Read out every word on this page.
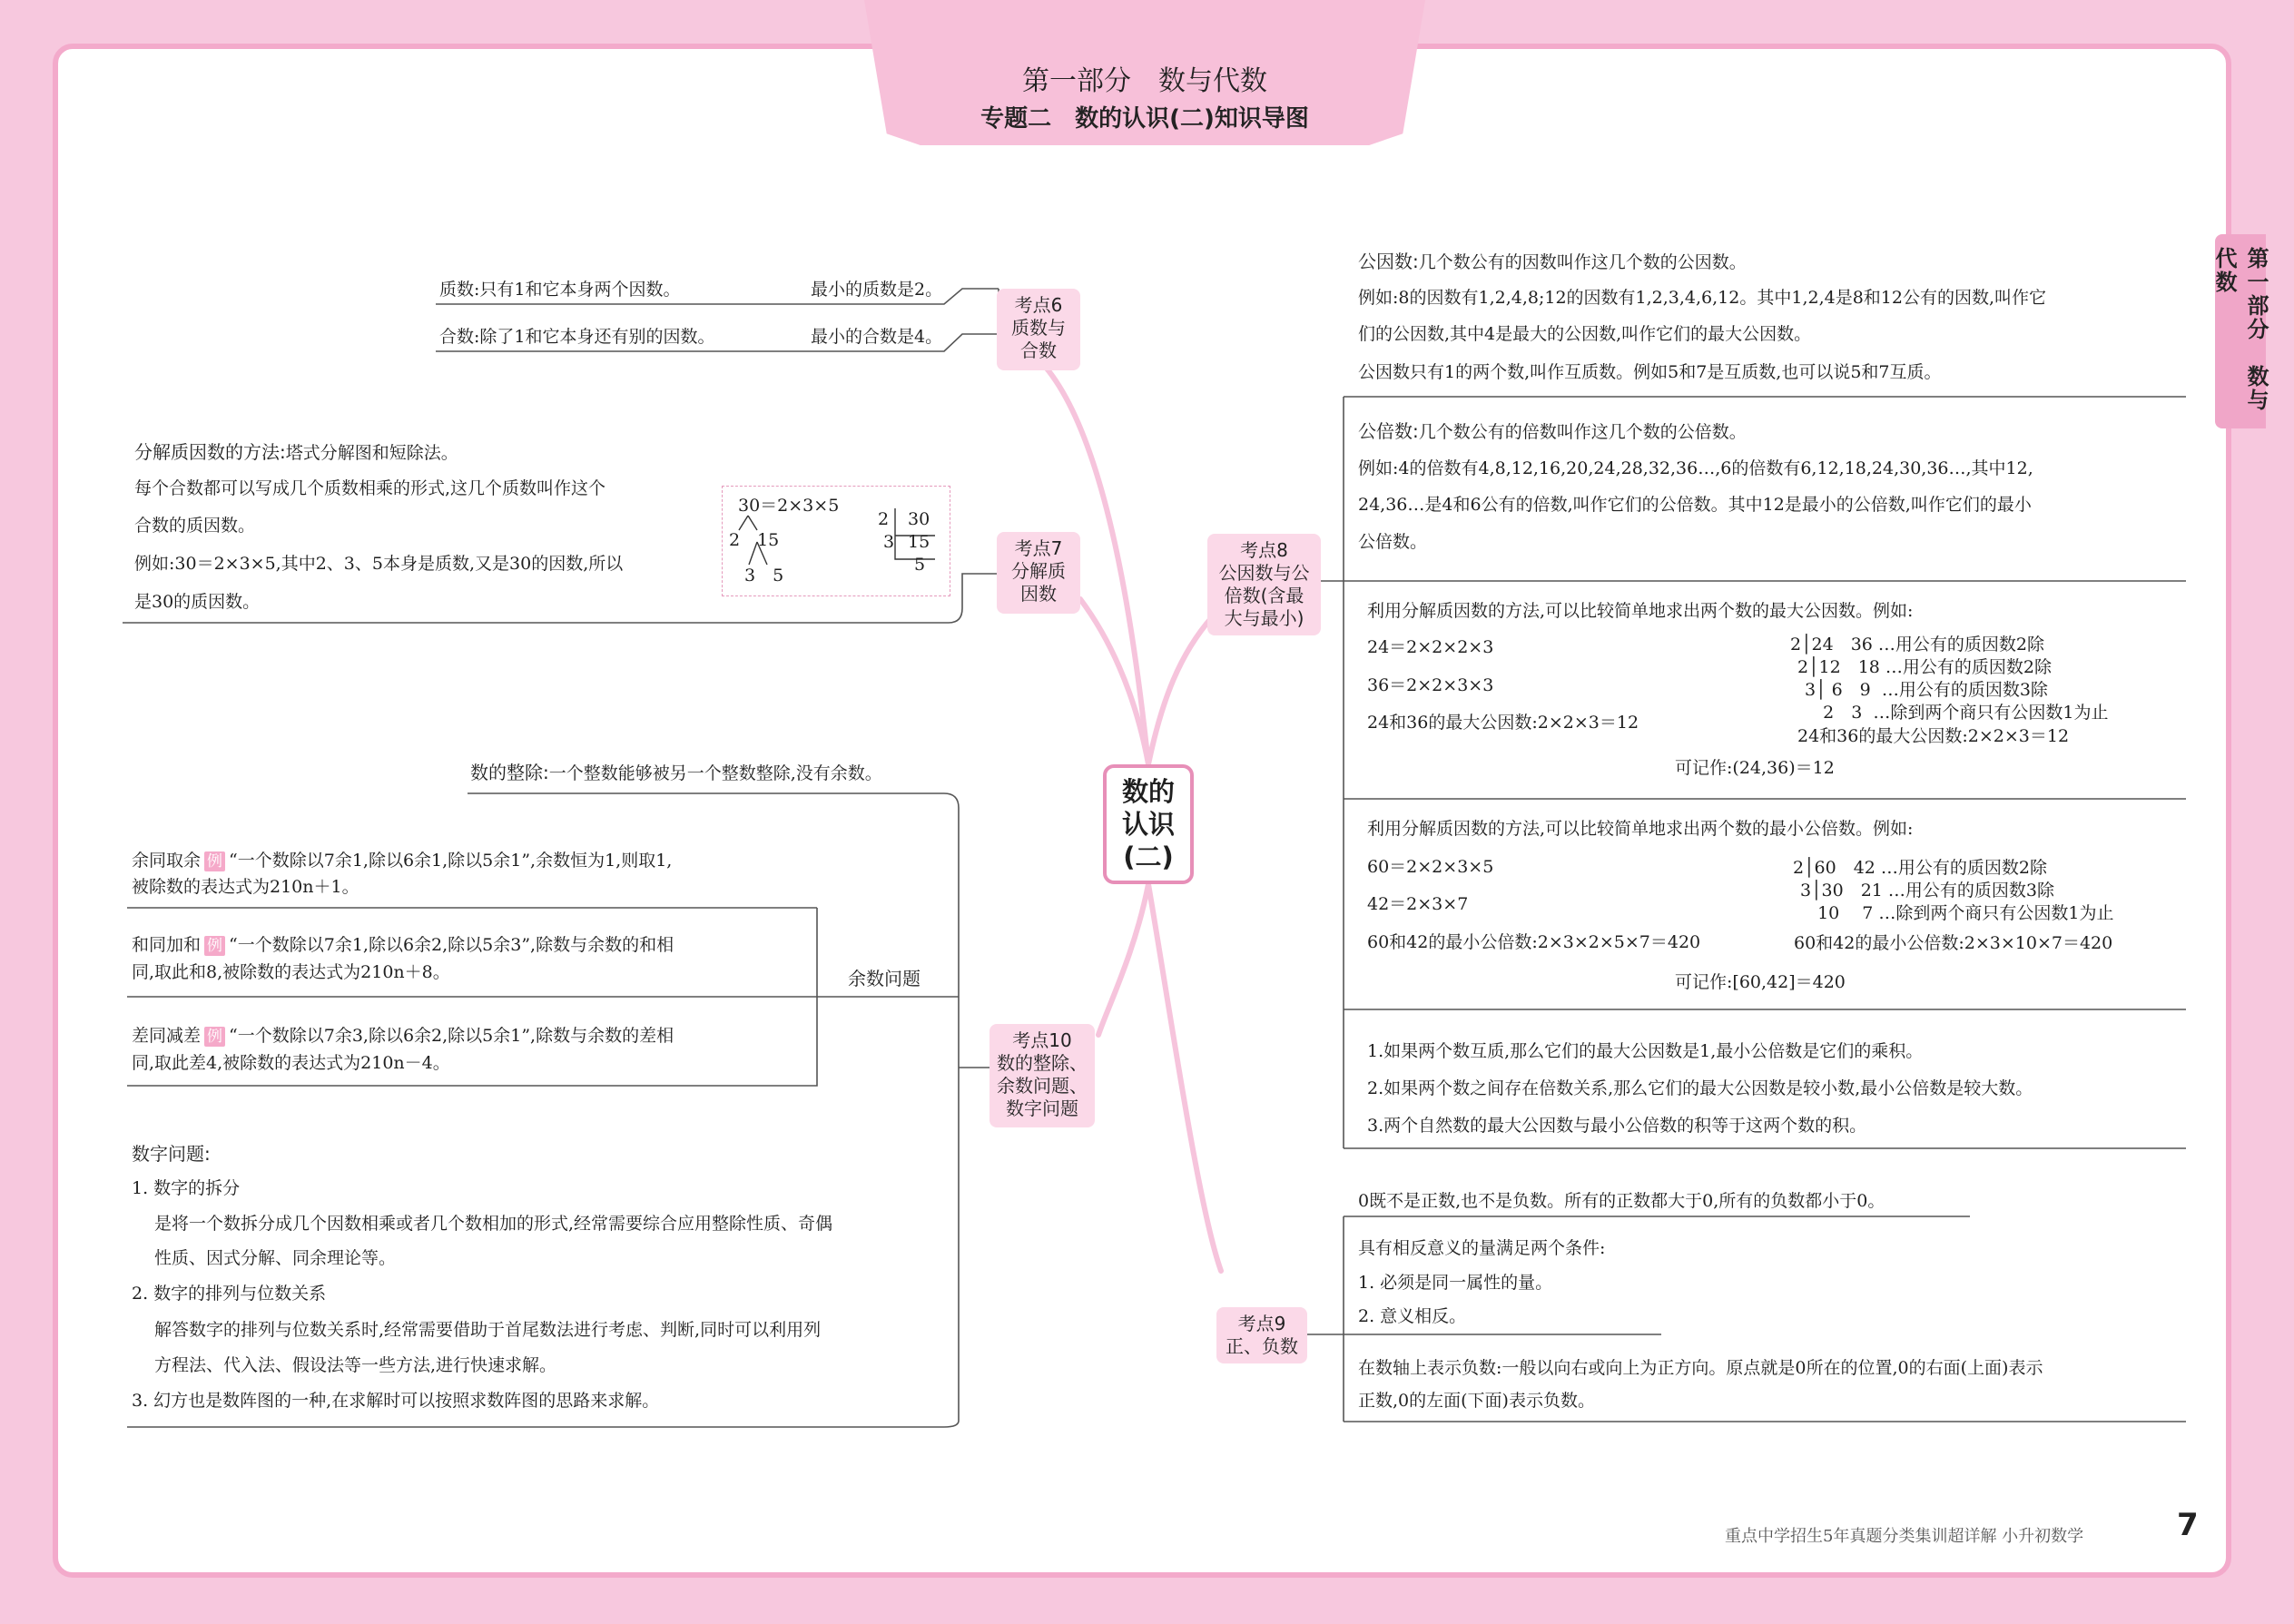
第一部分　数与代数
专题二　数的认识(二)知识导图
第一部分　数与代数
数的
认识
(二)
考点6
质数与
合数
考点7
分解质
因数
考点10
数的整除、
余数问题、
数字问题
考点8
公因数与公
倍数(含最
大与最小)
考点9
正、负数
质数:只有1和它本身两个因数。	最小的质数是2。
合数:除了1和它本身还有别的因数。	最小的合数是4。
分解质因数的方法:塔式分解图和短除法。
每个合数都可以写成几个质数相乘的形式,这几个质数叫作这个
合数的质因数。
例如:30＝2×3×5,其中2、3、5本身是质数,又是30的因数,所以
是30的质因数。
30＝2×3×5
2　15
3　5
2 30
3 15
5
数的整除:一个整数能够被另一个整数整除,没有余数。
余数问题
余同取余 例 “一个数除以7余1,除以6余1,除以5余1”,余数恒为1,则取1,
被除数的表达式为210n＋1。
和同加和 例 “一个数除以7余1,除以6余2,除以5余3”,除数与余数的和相
同,取此和8,被除数的表达式为210n＋8。
差同减差 例 “一个数除以7余3,除以6余2,除以5余1”,除数与余数的差相
同,取此差4,被除数的表达式为210n－4。
数字问题:
1. 数字的拆分
是将一个数拆分成几个因数相乘或者几个数相加的形式,经常需要综合应用整除性质、奇偶
性质、因式分解、同余理论等。
2. 数字的排列与位数关系
解答数字的排列与位数关系时,经常需要借助于首尾数法进行考虑、判断,同时可以利用列
方程法、代入法、假设法等一些方法,进行快速求解。
3. 幻方也是数阵图的一种,在求解时可以按照求数阵图的思路来求解。
公因数:几个数公有的因数叫作这几个数的公因数。
例如:8的因数有1,2,4,8;12的因数有1,2,3,4,6,12。其中1,2,4是8和12公有的因数,叫作它
们的公因数,其中4是最大的公因数,叫作它们的最大公因数。
公因数只有1的两个数,叫作互质数。例如5和7是互质数,也可以说5和7互质。
公倍数:几个数公有的倍数叫作这几个数的公倍数。
例如:4的倍数有4,8,12,16,20,24,28,32,36…,6的倍数有6,12,18,24,30,36…,其中12,
24,36…是4和6公有的倍数,叫作它们的公倍数。其中12是最小的公倍数,叫作它们的最小
公倍数。
利用分解质因数的方法,可以比较简单地求出两个数的最大公因数。例如:
24＝2×2×2×3
36＝2×2×3×3
24和36的最大公因数:2×2×3＝12
2│24　36 …用公有的质因数2除
2│12　18 …用公有的质因数2除
3│ 6　9  …用公有的质因数3除
2　3  …除到两个商只有公因数1为止
24和36的最大公因数:2×2×3＝12
可记作:(24,36)＝12
利用分解质因数的方法,可以比较简单地求出两个数的最小公倍数。例如:
60＝2×2×3×5
42＝2×3×7
60和42的最小公倍数:2×3×2×5×7＝420
2│60　42 …用公有的质因数2除
3│30　21 …用公有的质因数3除
10　 7 …除到两个商只有公因数1为止
60和42的最小公倍数:2×3×10×7＝420
可记作:[60,42]＝420
1.如果两个数互质,那么它们的最大公因数是1,最小公倍数是它们的乘积。
2.如果两个数之间存在倍数关系,那么它们的最大公因数是较小数,最小公倍数是较大数。
3.两个自然数的最大公因数与最小公倍数的积等于这两个数的积。
0既不是正数,也不是负数。所有的正数都大于0,所有的负数都小于0。
具有相反意义的量满足两个条件:
1. 必须是同一属性的量。
2. 意义相反。
在数轴上表示负数:一般以向右或向上为正方向。原点就是0所在的位置,0的右面(上面)表示
正数,0的左面(下面)表示负数。
重点中学招生5年真题分类集训超详解 小升初数学	7
